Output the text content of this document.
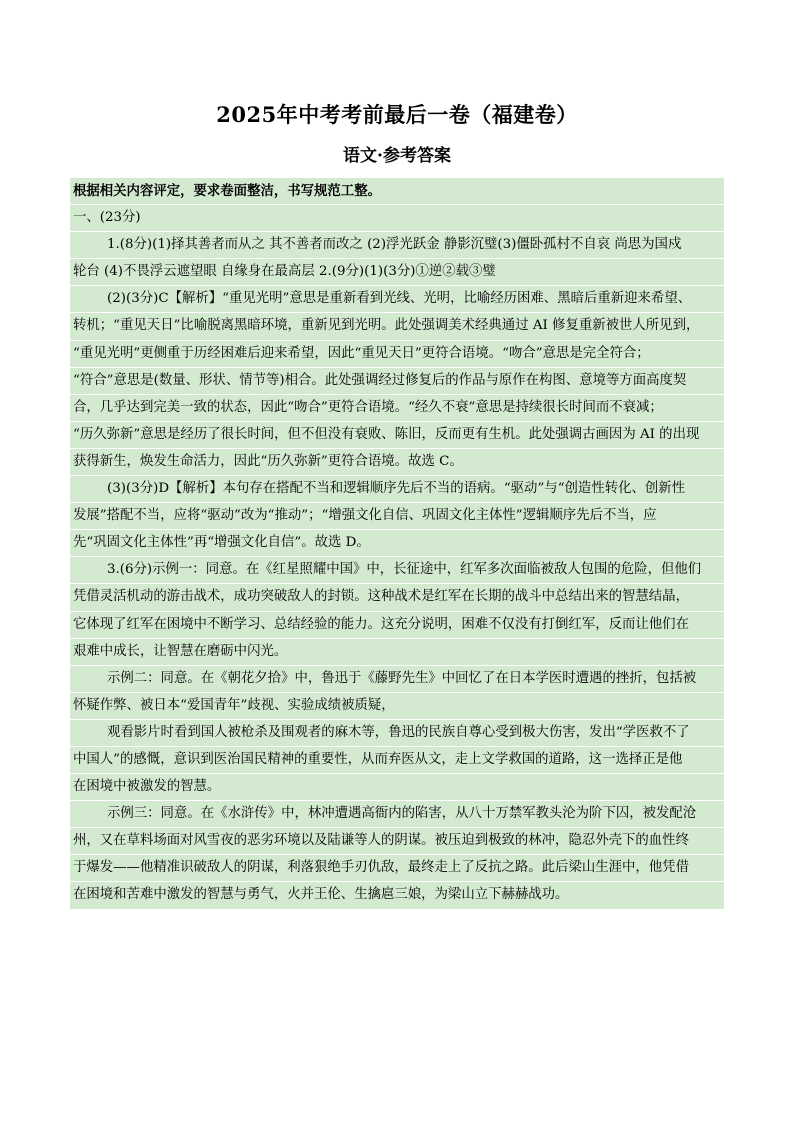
2025年中考考前最后一卷（福建卷）
语文·参考答案
根据相关内容评定，要求卷面整洁，书写规范工整。
一、(23分)
1.(8分)(1)择其善者而从之 其不善者而改之 (2)浮光跃金 静影沉璧(3)僵卧孤村不自哀 尚思为国戍
轮台 (4)不畏浮云遮望眼 自缘身在最高层 2.(9分)(1)(3分)①逆②载③璧
(2)(3分)C【解析】“重见光明”意思是重新看到光线、光明，比喻经历困难、黑暗后重新迎来希望、
转机；“重见天日”比喻脱离黑暗环境，重新见到光明。此处强调美术经典通过 AI 修复重新被世人所见到，
“重见光明”更侧重于历经困难后迎来希望，因此“重见天日”更符合语境。“吻合”意思是完全符合；
“符合”意思是(数量、形状、情节等)相合。此处强调经过修复后的作品与原作在构图、意境等方面高度契
合，几乎达到完美一致的状态，因此“吻合”更符合语境。“经久不衰”意思是持续很长时间而不衰减；
“历久弥新”意思是经历了很长时间，但不但没有衰败、陈旧，反而更有生机。此处强调古画因为 AI 的出现
获得新生，焕发生命活力，因此“历久弥新”更符合语境。故选 C。
(3)(3分)D【解析】本句存在搭配不当和逻辑顺序先后不当的语病。“驱动”与“创造性转化、创新性
发展”搭配不当，应将“驱动”改为“推动”；“增强文化自信、巩固文化主体性”逻辑顺序先后不当，应
先“巩固文化主体性”再“增强文化自信”。故选 D。
3.(6分)示例一：同意。在《红星照耀中国》中，长征途中，红军多次面临被敌人包围的危险，但他们
凭借灵活机动的游击战术，成功突破敌人的封锁。这种战术是红军在长期的战斗中总结出来的智慧结晶，
它体现了红军在困境中不断学习、总结经验的能力。这充分说明，困难不仅没有打倒红军，反而让他们在
艰难中成长，让智慧在磨砺中闪光。
示例二：同意。在《朝花夕拾》中，鲁迅于《藤野先生》中回忆了在日本学医时遭遇的挫折，包括被
怀疑作弊、被日本“爱国青年”歧视、实验成绩被质疑，
观看影片时看到国人被枪杀及围观者的麻木等，鲁迅的民族自尊心受到极大伤害，发出“学医救不了
中国人”的感慨，意识到医治国民精神的重要性，从而弃医从文，走上文学救国的道路，这一选择正是他
在困境中被激发的智慧。
示例三：同意。在《水浒传》中，林冲遭遇高衙内的陷害，从八十万禁军教头沦为阶下囚，被发配沧
州，又在草料场面对风雪夜的恶劣环境以及陆谦等人的阴谋。被压迫到极致的林冲，隐忍外壳下的血性终
于爆发——他精准识破敌人的阴谋，利落狠绝手刃仇敌，最终走上了反抗之路。此后梁山生涯中，他凭借
在困境和苦难中激发的智慧与勇气，火并王伦、生擒扈三娘，为梁山立下赫赫战功。
